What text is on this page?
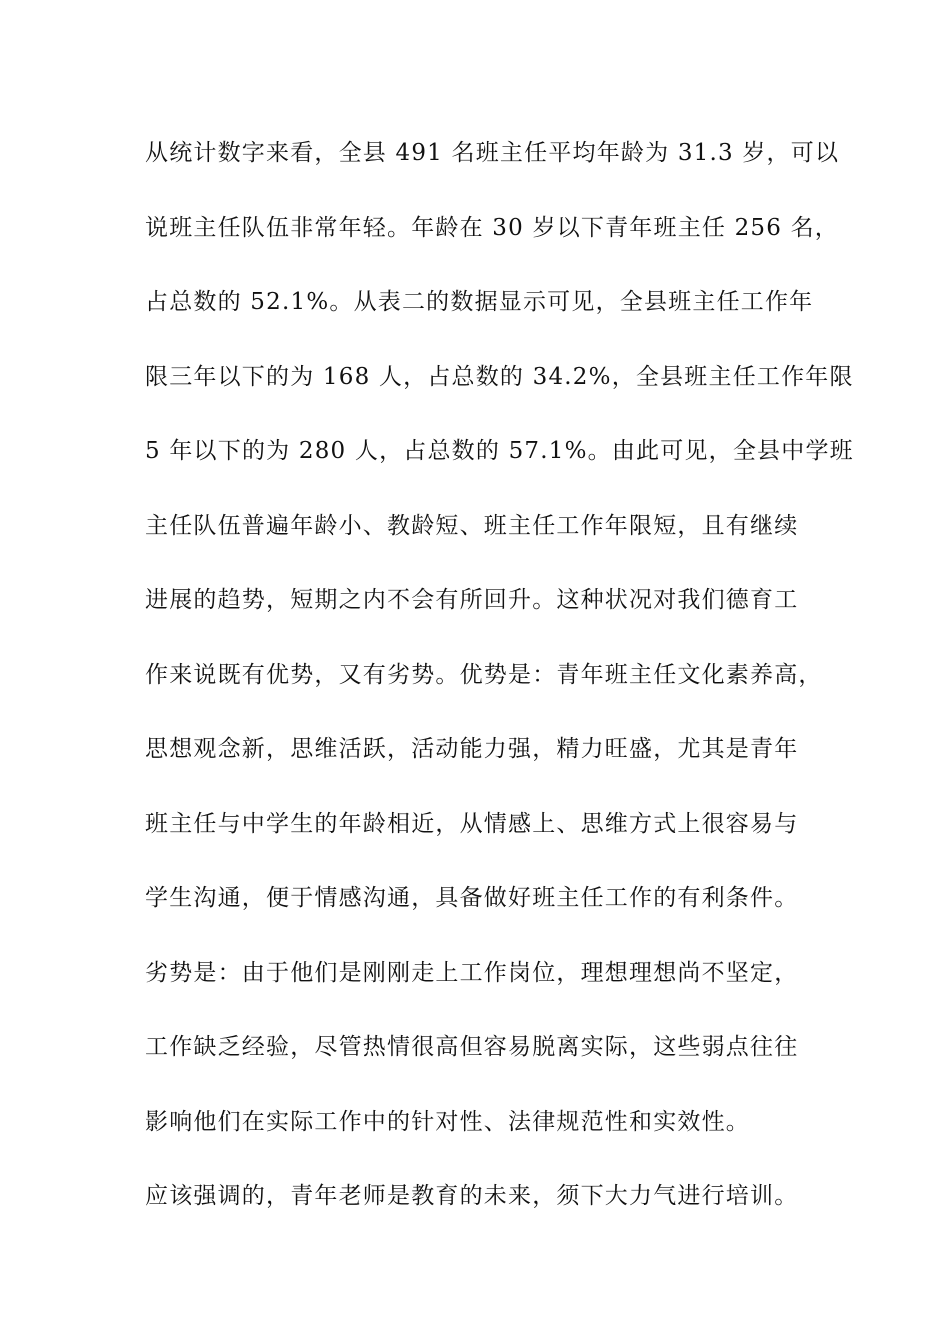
从统计数字来看，全县 491 名班主任平均年龄为 31.3 岁，可以
说班主任队伍非常年轻。年龄在 30 岁以下青年班主任 256 名，
占总数的 52.1%。从表二的数据显示可见，全县班主任工作年
限三年以下的为 168 人，占总数的 34.2%，全县班主任工作年限
5 年以下的为 280 人，占总数的 57.1%。由此可见，全县中学班
主任队伍普遍年龄小、教龄短、班主任工作年限短，且有继续
进展的趋势，短期之内不会有所回升。这种状况对我们德育工
作来说既有优势，又有劣势。优势是：青年班主任文化素养高，
思想观念新，思维活跃，活动能力强，精力旺盛，尤其是青年
班主任与中学生的年龄相近，从情感上、思维方式上很容易与
学生沟通，便于情感沟通，具备做好班主任工作的有利条件。
劣势是：由于他们是刚刚走上工作岗位，理想理想尚不坚定，
工作缺乏经验，尽管热情很高但容易脱离实际，这些弱点往往
影响他们在实际工作中的针对性、法律规范性和实效性。
应该强调的，青年老师是教育的未来，须下大力气进行培训。
